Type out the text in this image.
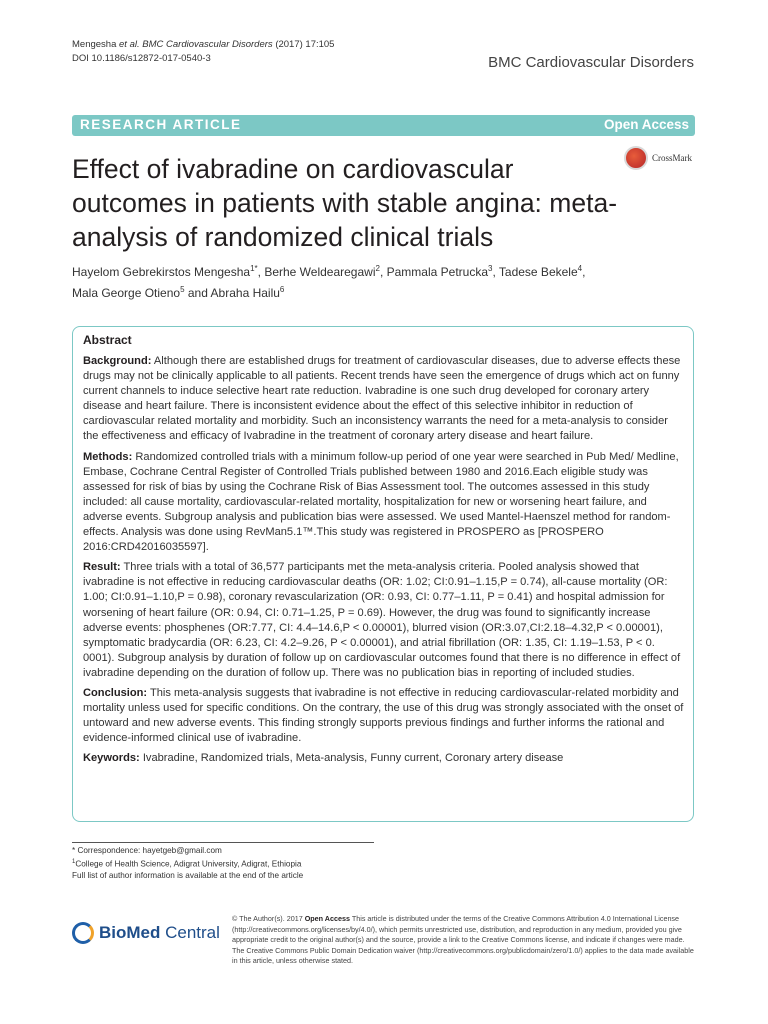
Mengesha et al. BMC Cardiovascular Disorders (2017) 17:105
DOI 10.1186/s12872-017-0540-3	BMC Cardiovascular Disorders
RESEARCH ARTICLE	Open Access
CrossMark
Effect of ivabradine on cardiovascular outcomes in patients with stable angina: meta-analysis of randomized clinical trials
Hayelom Gebrekirstos Mengesha$^{1*}$, Berhe Weldearegawi$^2$, Pammala Petrucka$^3$, Tadese Bekele$^4$,
Mala George Otieno$^5$ and Abraha Hailu$^6$
Abstract

Background: Although there are established drugs for treatment of cardiovascular diseases, due to adverse effects these drugs may not be clinically applicable to all patients. Recent trends have seen the emergence of drugs which act on funny current channels to induce selective heart rate reduction. Ivabradine is one such drug developed for coronary artery disease and heart failure. There is inconsistent evidence about the effect of this selective inhibitor in reduction of cardiovascular related mortality and morbidity. Such an inconsistency warrants the need for a meta-analysis to consider the effectiveness and efficacy of Ivabradine in the treatment of coronary artery disease and heart failure.

Methods: Randomized controlled trials with a minimum follow-up period of one year were searched in Pub Med/ Medline, Embase, Cochrane Central Register of Controlled Trials published between 1980 and 2016.Each eligible study was assessed for risk of bias by using the Cochrane Risk of Bias Assessment tool. The outcomes assessed in this study included: all cause mortality, cardiovascular-related mortality, hospitalization for new or worsening heart failure, and adverse events. Subgroup analysis and publication bias were assessed. We used Mantel-Haenszel method for random-effects. Analysis was done using RevMan5.1™.This study was registered in PROSPERO as [PROSPERO 2016:CRD42016035597].

Result: Three trials with a total of 36,577 participants met the meta-analysis criteria. Pooled analysis showed that ivabradine is not effective in reducing cardiovascular deaths (OR: 1.02; CI:0.91–1.15,P = 0.74), all-cause mortality (OR: 1.00; CI:0.91–1.10,P = 0.98), coronary revascularization (OR: 0.93, CI: 0.77–1.11, P = 0.41) and hospital admission for worsening of heart failure (OR: 0.94, CI: 0.71–1.25, P = 0.69). However, the drug was found to significantly increase adverse events: phosphenes (OR:7.77, CI: 4.4–14.6,P < 0.00001), blurred vision (OR:3.07,CI:2.18–4.32,P < 0.00001), symptomatic bradycardia (OR: 6.23, CI: 4.2–9.26, P < 0.00001), and atrial fibrillation (OR: 1.35, CI: 1.19–1.53, P < 0. 0001). Subgroup analysis by duration of follow up on cardiovascular outcomes found that there is no difference in effect of ivabradine depending on the duration of follow up. There was no publication bias in reporting of included studies.

Conclusion: This meta-analysis suggests that ivabradine is not effective in reducing cardiovascular-related morbidity and mortality unless used for specific conditions. On the contrary, the use of this drug was strongly associated with the onset of untoward and new adverse events. This finding strongly supports previous findings and further informs the rational and evidence-informed clinical use of ivabradine.

Keywords: Ivabradine, Randomized trials, Meta-analysis, Funny current, Coronary artery disease

* Correspondence: hayetgeb@gmail.com
$^1$College of Health Science, Adigrat University, Adigrat, Ethiopia
Full list of author information is available at the end of the article
BioMed Central
© The Author(s). 2017 Open Access This article is distributed under the terms of the Creative Commons Attribution 4.0 International License (http://creativecommons.org/licenses/by/4.0/), which permits unrestricted use, distribution, and reproduction in any medium, provided you give appropriate credit to the original author(s) and the source, provide a link to the Creative Commons license, and indicate if changes were made. The Creative Commons Public Domain Dedication waiver (http://creativecommons.org/publicdomain/zero/1.0/) applies to the data made available in this article, unless otherwise stated.
